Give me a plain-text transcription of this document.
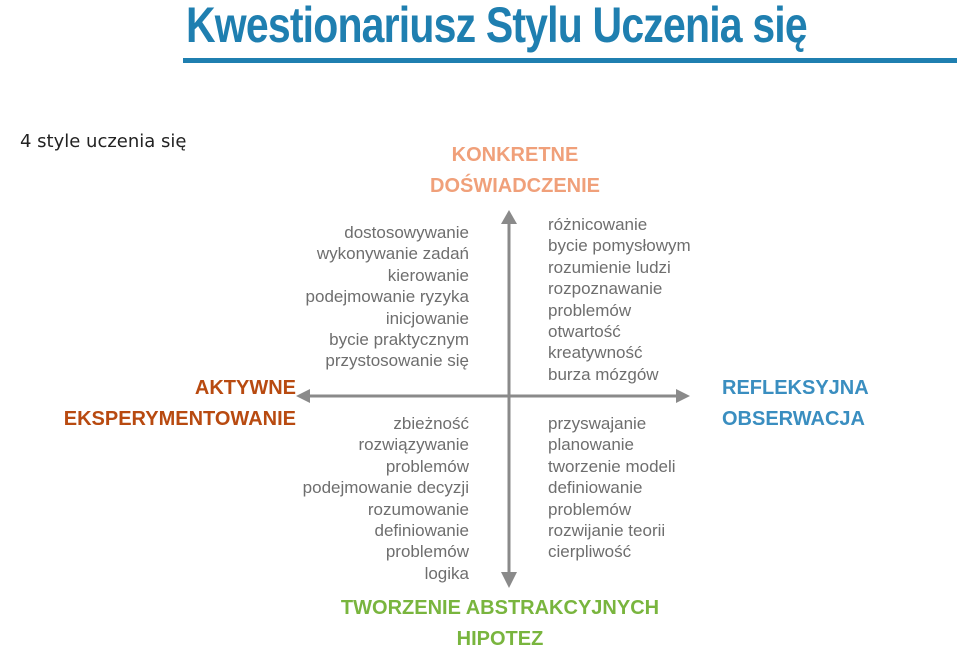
Kwestionariusz Stylu Uczenia się
4 style uczenia się
KONKRETNE
DOŚWIADCZENIE
TWORZENIE ABSTRAKCYJNYCH
HIPOTEZ
AKTYWNE
EKSPERYMENTOWANIE
REFLEKSYJNA
OBSERWACJA
dostosowywanie
wykonywanie zadań
kierowanie
podejmowanie ryzyka
inicjowanie
bycie praktycznym
przystosowanie się
różnicowanie
bycie pomysłowym
rozumienie ludzi
rozpoznawanie
problemów
otwartość
kreatywność
burza mózgów
zbieżność
rozwiązywanie
problemów
podejmowanie decyzji
rozumowanie
definiowanie
problemów
logika
przyswajanie
planowanie
tworzenie modeli
definiowanie
problemów
rozwijanie teorii
cierpliwość
